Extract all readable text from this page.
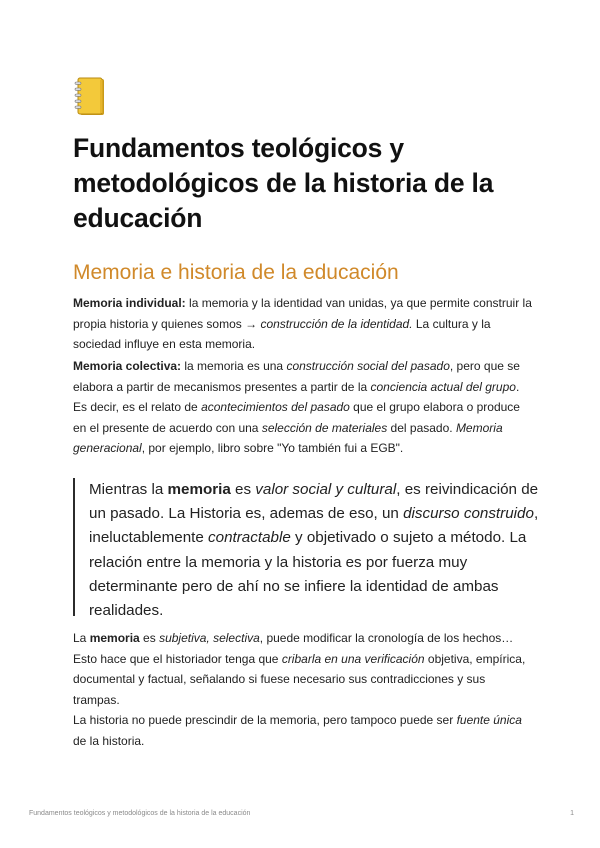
Fundamentos teológicos y metodológicos de la historia de la educación
Memoria e historia de la educación

Memoria individual: la memoria y la identidad van unidas, ya que permite construir la propia historia y quienes somos → construcción de la identidad. La cultura y la sociedad influye en esta memoria.

Memoria colectiva: la memoria es una construcción social del pasado, pero que se elabora a partir de mecanismos presentes a partir de la conciencia actual del grupo. Es decir, es el relato de acontecimientos del pasado que el grupo elabora o produce en el presente de acuerdo con una selección de materiales del pasado. Memoria generacional, por ejemplo, libro sobre "Yo también fui a EGB".

Mientras la memoria es valor social y cultural, es reivindicación de un pasado. La Historia es, ademas de eso, un discurso construido, ineluctablemente contractable y objetivado o sujeto a método. La relación entre la memoria y la historia es por fuerza muy determinante pero de ahí no se infiere la identidad de ambas realidades.

La memoria es subjetiva, selectiva, puede modificar la cronología de los hechos… Esto hace que el historiador tenga que cribarla en una verificación objetiva, empírica, documental y factual, señalando si fuese necesario sus contradicciones y sus trampas.

La historia no puede prescindir de la memoria, pero tampoco puede ser fuente única de la historia.

Fundamentos teológicos y metodológicos de la historia de la educación	1
